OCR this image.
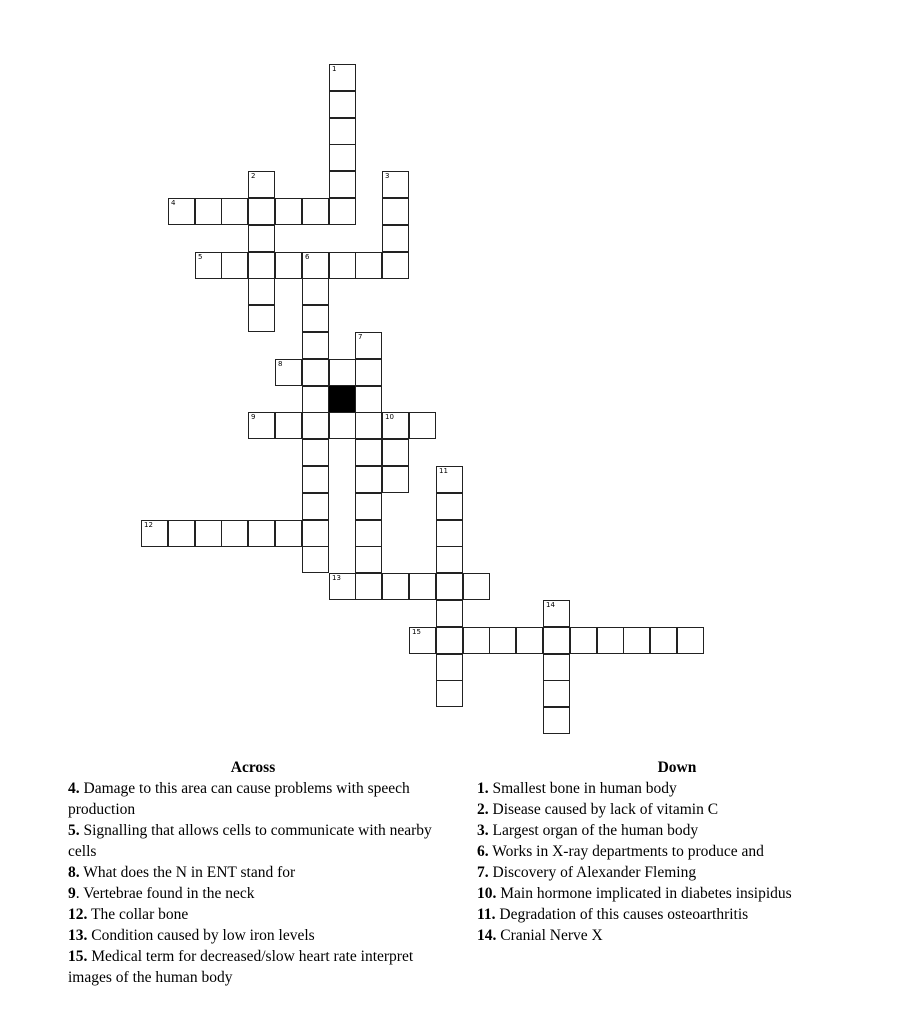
1
2	3
4
5	6
7
8
9	10
11
12
13
14
15
Across
4. Damage to this area can cause problems with speech production
5. Signalling that allows cells to communicate with nearby cells
8. What does the N in ENT stand for
9. Vertebrae found in the neck
12. The collar bone
13. Condition caused by low iron levels
15. Medical term for decreased/slow heart rate interpret images of the human body
Down
1. Smallest bone in human body
2. Disease caused by lack of vitamin C
3. Largest organ of the human body
6. Works in X-ray departments to produce and
7. Discovery of Alexander Fleming
10. Main hormone implicated in diabetes insipidus
11. Degradation of this causes osteoarthritis
14. Cranial Nerve X
